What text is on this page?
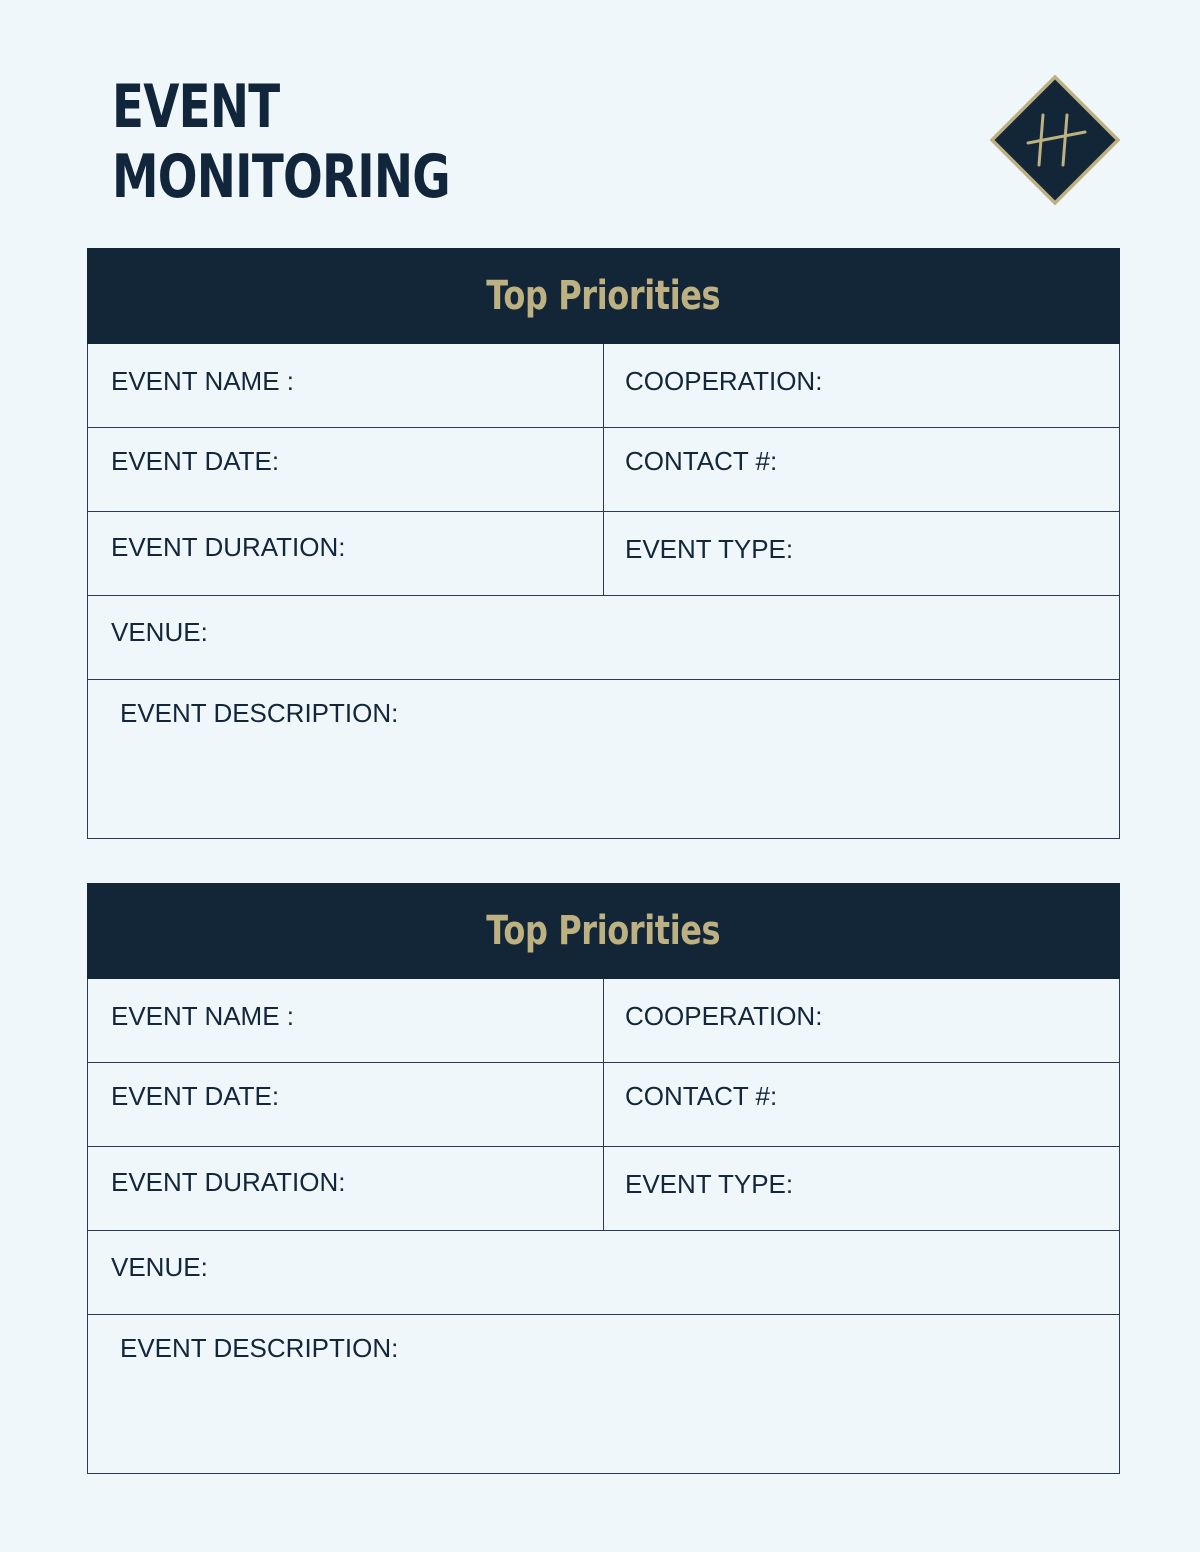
EVENT
MONITORING
Top Priorities
EVENT NAME :	COOPERATION:
EVENT DATE:	CONTACT #:
EVENT DURATION:	EVENT TYPE:
VENUE:
EVENT DESCRIPTION:
Top Priorities
EVENT NAME :	COOPERATION:
EVENT DATE:	CONTACT #:
EVENT DURATION:	EVENT TYPE:
VENUE:
EVENT DESCRIPTION:
